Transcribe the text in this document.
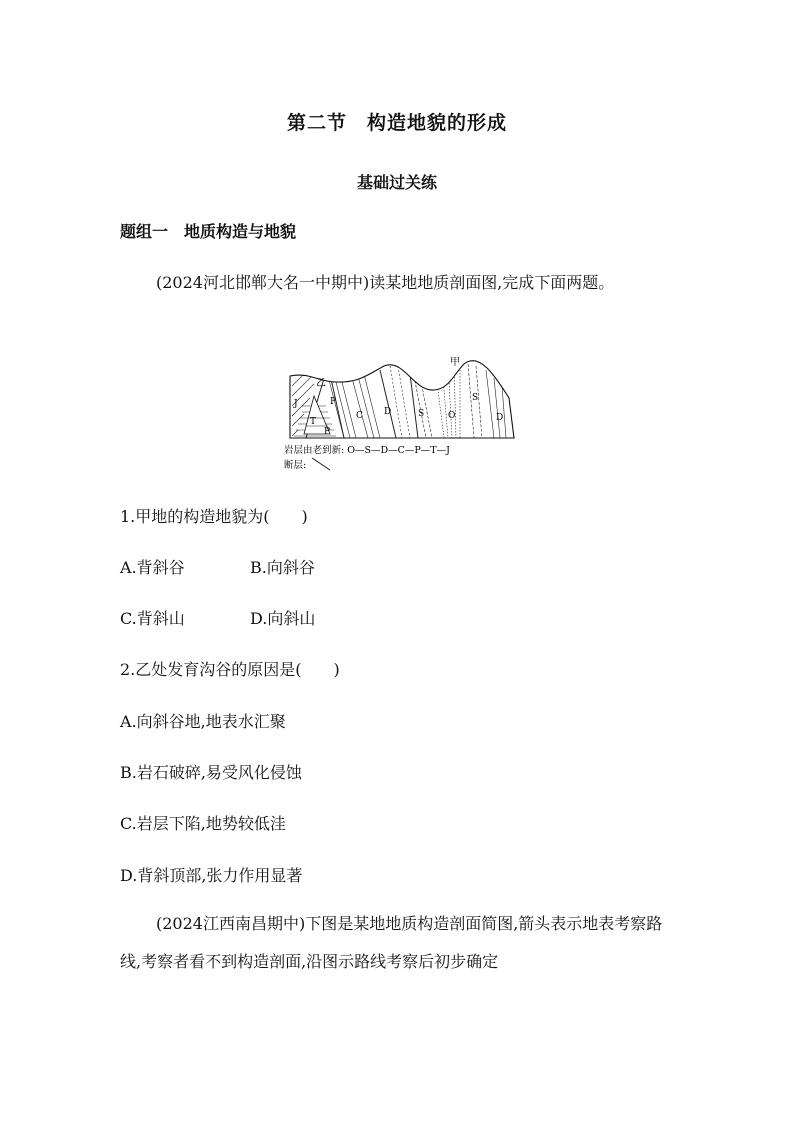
第二节　构造地貌的形成
基础过关练
题组一　地质构造与地貌
(2024河北邯郸大名一中期中)读某地地质剖面图,完成下面两题。
甲
乙
J
T
P
P
C D	S	O
S
D
岩层由老到新: O—S—D—C—P—T—J
断层:
1.甲地的构造地貌为(　　)
A.背斜谷	B.向斜谷
C.背斜山	D.向斜山
2.乙处发育沟谷的原因是(　　)
A.向斜谷地,地表水汇聚
B.岩石破碎,易受风化侵蚀
C.岩层下陷,地势较低洼
D.背斜顶部,张力作用显著
(2024江西南昌期中)下图是某地地质构造剖面简图,箭头表示地表考察路线,考察者看不到构造剖面,沿图示路线考察后初步确定
